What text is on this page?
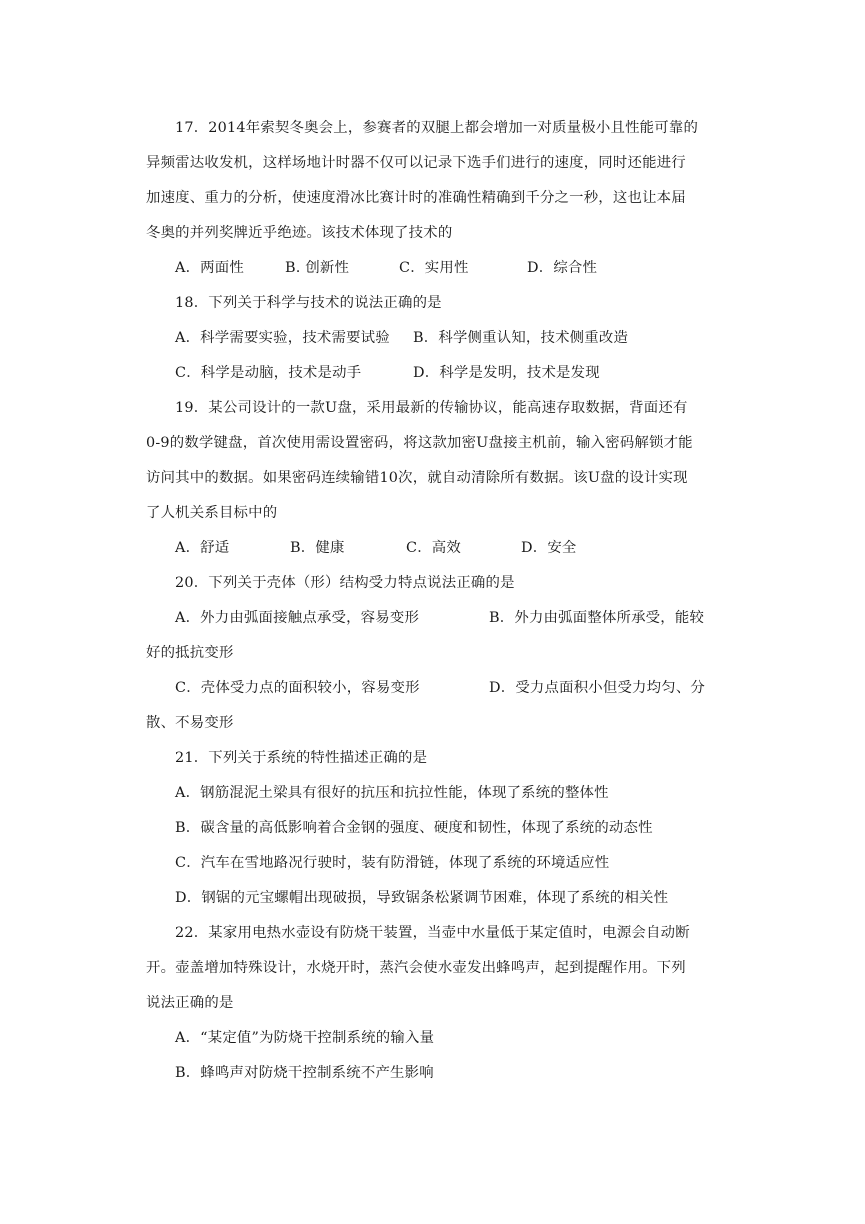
17．2014年索契冬奥会上，参赛者的双腿上都会增加一对质量极小且性能可靠的
异频雷达收发机，这样场地计时器不仅可以记录下选手们进行的速度，同时还能进行
加速度、重力的分析，使速度滑冰比赛计时的准确性精确到千分之一秒，这也让本届
冬奥的并列奖牌近乎绝迹。该技术体现了技术的
A．两面性	B. 创新性	C．实用性	D．综合性
18．下列关于科学与技术的说法正确的是
A．科学需要实验，技术需要试验 B．科学侧重认知，技术侧重改造
C．科学是动脑，技术是动手	D．科学是发明，技术是发现
19．某公司设计的一款U盘，采用最新的传输协议，能高速存取数据，背面还有
0-9的数学键盘，首次使用需设置密码，将这款加密U盘接主机前，输入密码解锁才能
访问其中的数据。如果密码连续输错10次，就自动清除所有数据。该U盘的设计实现
了人机关系目标中的
A．舒适	B．健康	C．高效	D．安全
20．下列关于壳体（形）结构受力特点说法正确的是
A．外力由弧面接触点承受，容易变形	B．外力由弧面整体所承受，能较
好的抵抗变形
C．壳体受力点的面积较小，容易变形	D．受力点面积小但受力均匀、分
散、不易变形
21．下列关于系统的特性描述正确的是
A．钢筋混泥土梁具有很好的抗压和抗拉性能，体现了系统的整体性
B．碳含量的高低影响着合金钢的强度、硬度和韧性，体现了系统的动态性
C．汽车在雪地路况行驶时，装有防滑链，体现了系统的环境适应性
D．钢锯的元宝螺帽出现破损，导致锯条松紧调节困难，体现了系统的相关性
22．某家用电热水壶设有防烧干装置，当壶中水量低于某定值时，电源会自动断
开。壶盖增加特殊设计，水烧开时，蒸汽会使水壶发出蜂鸣声，起到提醒作用。下列
说法正确的是
A．“某定值”为防烧干控制系统的输入量
B．蜂鸣声对防烧干控制系统不产生影响
